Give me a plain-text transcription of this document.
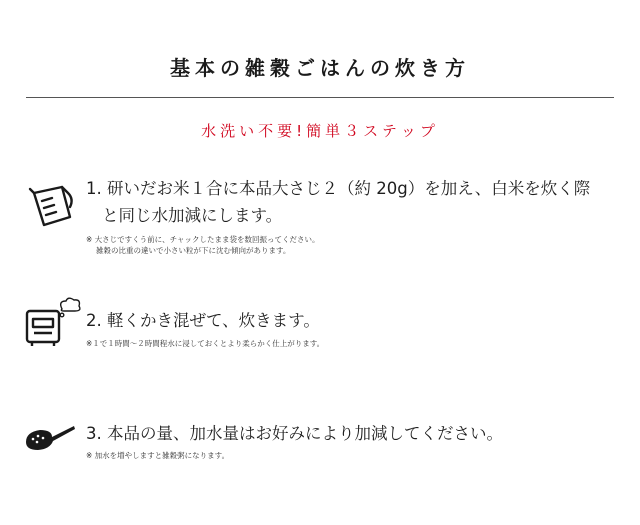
基本の雑穀ごはんの炊き方
水洗い不要!簡単３ステップ
1. 研いだお米１合に本品大さじ２（約 20g）を加え、白米を炊く際
と同じ水加減にします。
※ 大さじですくう前に、チャックしたまま袋を数回振ってください。
雑穀の比重の違いで小さい粒が下に沈む傾向があります。
2. 軽くかき混ぜて、炊きます。
※１で１時間〜２時間程水に浸しておくとより柔らかく仕上がります。
3. 本品の量、加水量はお好みにより加減してください。
※ 加水を増やしますと雑穀粥になります。
